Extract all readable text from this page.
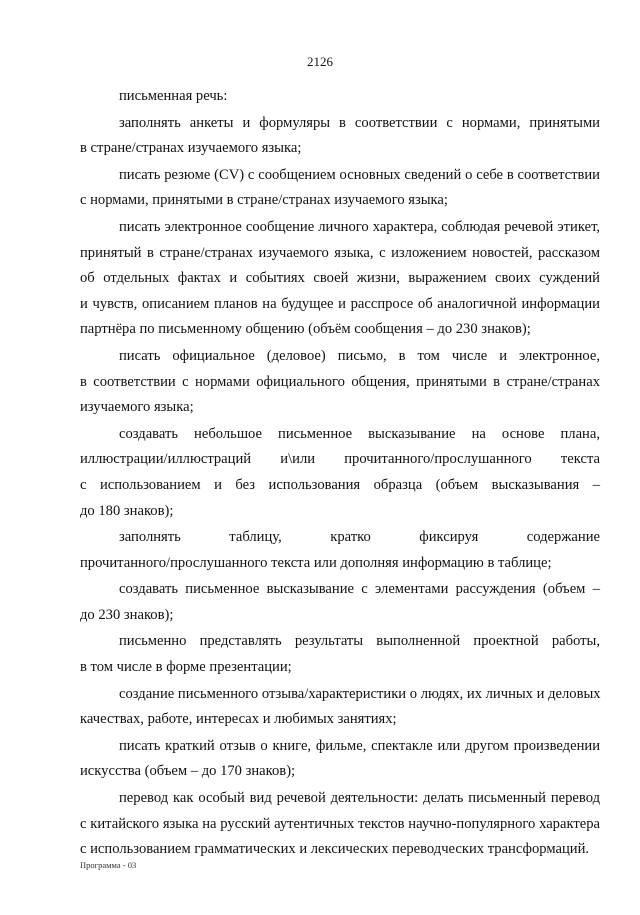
2126
письменная речь:
заполнять анкеты и формуляры в соответствии с нормами, принятыми
в стране/странах изучаемого языка;
писать резюме (CV) с сообщением основных сведений о себе в соответствии
с нормами, принятыми в стране/странах изучаемого языка;
писать электронное сообщение личного характера, соблюдая речевой этикет,
принятый в стране/странах изучаемого языка, с изложением новостей, рассказом
об отдельных фактах и событиях своей жизни, выражением своих суждений
и чувств, описанием планов на будущее и расспросе об аналогичной информации
партнёра по письменному общению (объём сообщения – до 230 знаков);
писать официальное (деловое) письмо, в том числе и электронное,
в соответствии с нормами официального общения, принятыми в стране/странах
изучаемого языка;
создавать небольшое письменное высказывание на основе плана,
иллюстрации/иллюстраций и\или прочитанного/прослушанного текста
с использованием и без использования образца (объем высказывания –
до 180 знаков);
заполнять таблицу, кратко фиксируя содержание
прочитанного/прослушанного текста или дополняя информацию в таблице;
создавать письменное высказывание с элементами рассуждения (объем –
до 230 знаков);
письменно представлять результаты выполненной проектной работы,
в том числе в форме презентации;
создание письменного отзыва/характеристики о людях, их личных и деловых
качествах, работе, интересах и любимых занятиях;
писать краткий отзыв о книге, фильме, спектакле или другом произведении
искусства (объем – до 170 знаков);
перевод как особый вид речевой деятельности: делать письменный перевод
с китайского языка на русский аутентичных текстов научно-популярного характера
с использованием грамматических и лексических переводческих трансформаций.
Программа - 03
